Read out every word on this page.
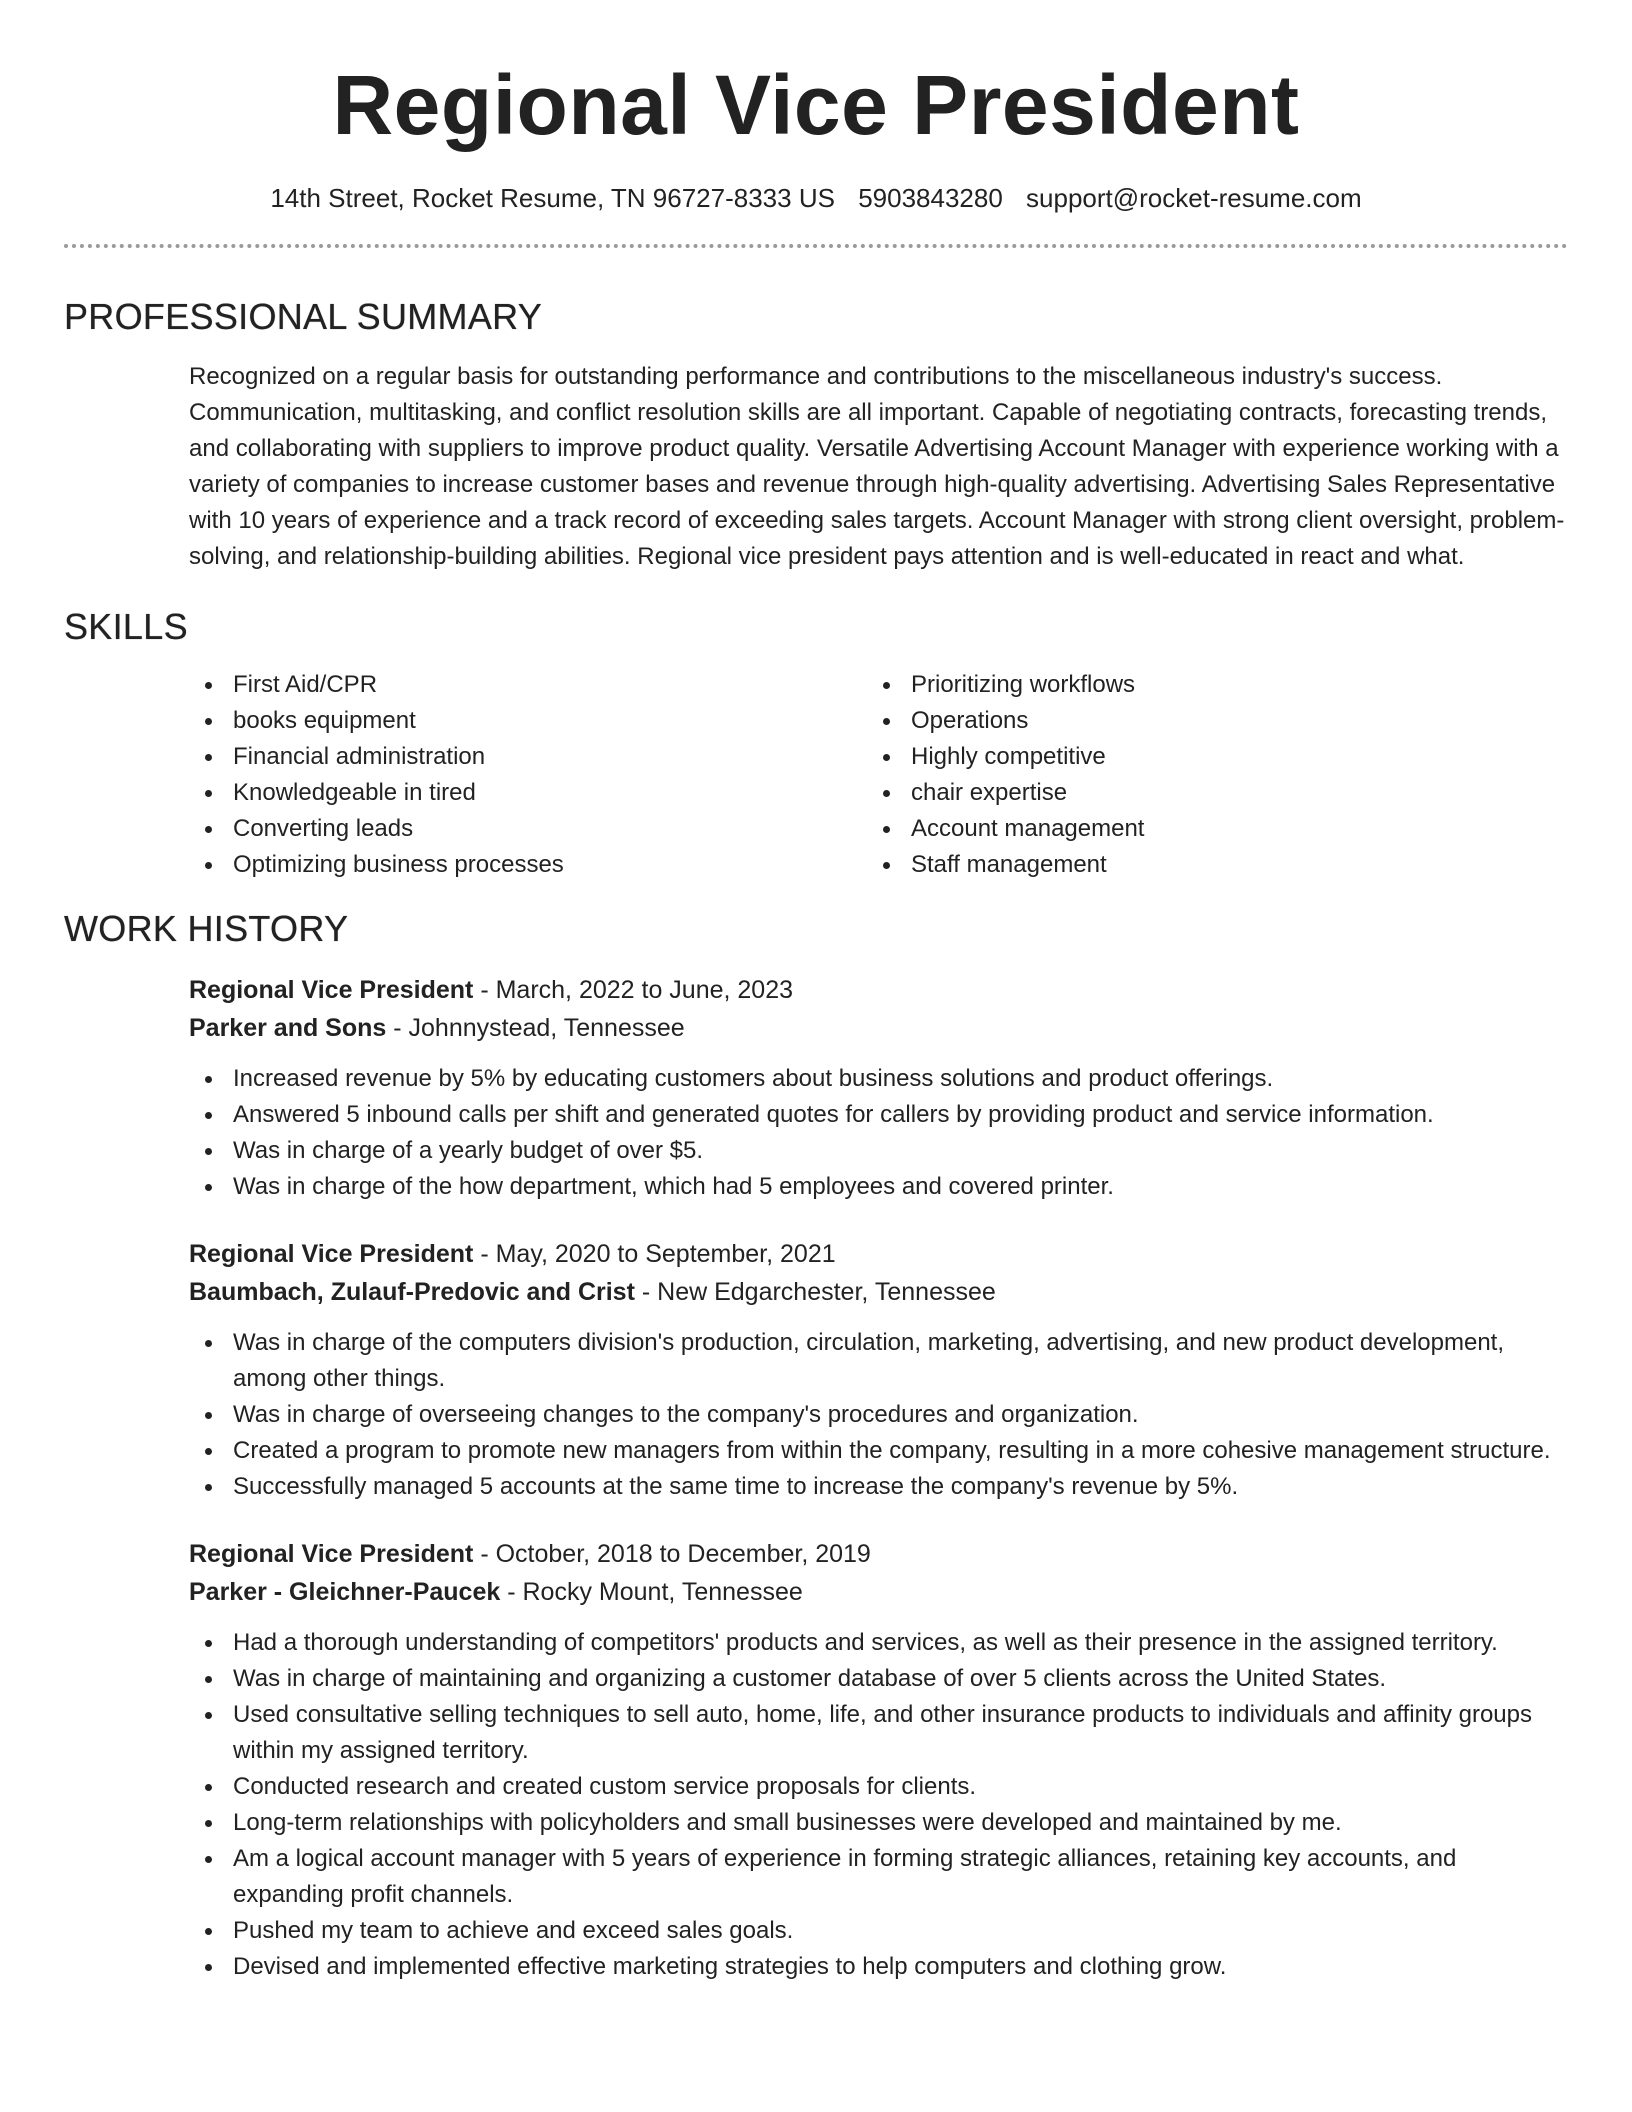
Regional Vice President
14th Street, Rocket Resume, TN 96727-8333 US 5903843280 support@rocket-resume.com
PROFESSIONAL SUMMARY

Recognized on a regular basis for outstanding performance and contributions to the miscellaneous industry's success. Communication, multitasking, and conflict resolution skills are all important. Capable of negotiating contracts, forecasting trends, and collaborating with suppliers to improve product quality. Versatile Advertising Account Manager with experience working with a variety of companies to increase customer bases and revenue through high-quality advertising. Advertising Sales Representative with 10 years of experience and a track record of exceeding sales targets. Account Manager with strong client oversight, problem-solving, and relationship-building abilities. Regional vice president pays attention and is well-educated in react and what.

SKILLS
First Aid/CPR
books equipment
Financial administration
Knowledgeable in tired
Converting leads
Optimizing business processes
Prioritizing workflows
Operations
Highly competitive
chair expertise
Account management
Staff management
WORK HISTORY
Regional Vice President - March, 2022 to June, 2023
Parker and Sons - Johnnystead, Tennessee
Increased revenue by 5% by educating customers about business solutions and product offerings.
Answered 5 inbound calls per shift and generated quotes for callers by providing product and service information.
Was in charge of a yearly budget of over $5.
Was in charge of the how department, which had 5 employees and covered printer.
Regional Vice President - May, 2020 to September, 2021
Baumbach, Zulauf-Predovic and Crist - New Edgarchester, Tennessee
Was in charge of the computers division's production, circulation, marketing, advertising, and new product development, among other things.
Was in charge of overseeing changes to the company's procedures and organization.
Created a program to promote new managers from within the company, resulting in a more cohesive management structure.
Successfully managed 5 accounts at the same time to increase the company's revenue by 5%.
Regional Vice President - October, 2018 to December, 2019
Parker - Gleichner-Paucek - Rocky Mount, Tennessee
Had a thorough understanding of competitors' products and services, as well as their presence in the assigned territory.
Was in charge of maintaining and organizing a customer database of over 5 clients across the United States.
Used consultative selling techniques to sell auto, home, life, and other insurance products to individuals and affinity groups within my assigned territory.
Conducted research and created custom service proposals for clients.
Long-term relationships with policyholders and small businesses were developed and maintained by me.
Am a logical account manager with 5 years of experience in forming strategic alliances, retaining key accounts, and expanding profit channels.
Pushed my team to achieve and exceed sales goals.
Devised and implemented effective marketing strategies to help computers and clothing grow.
